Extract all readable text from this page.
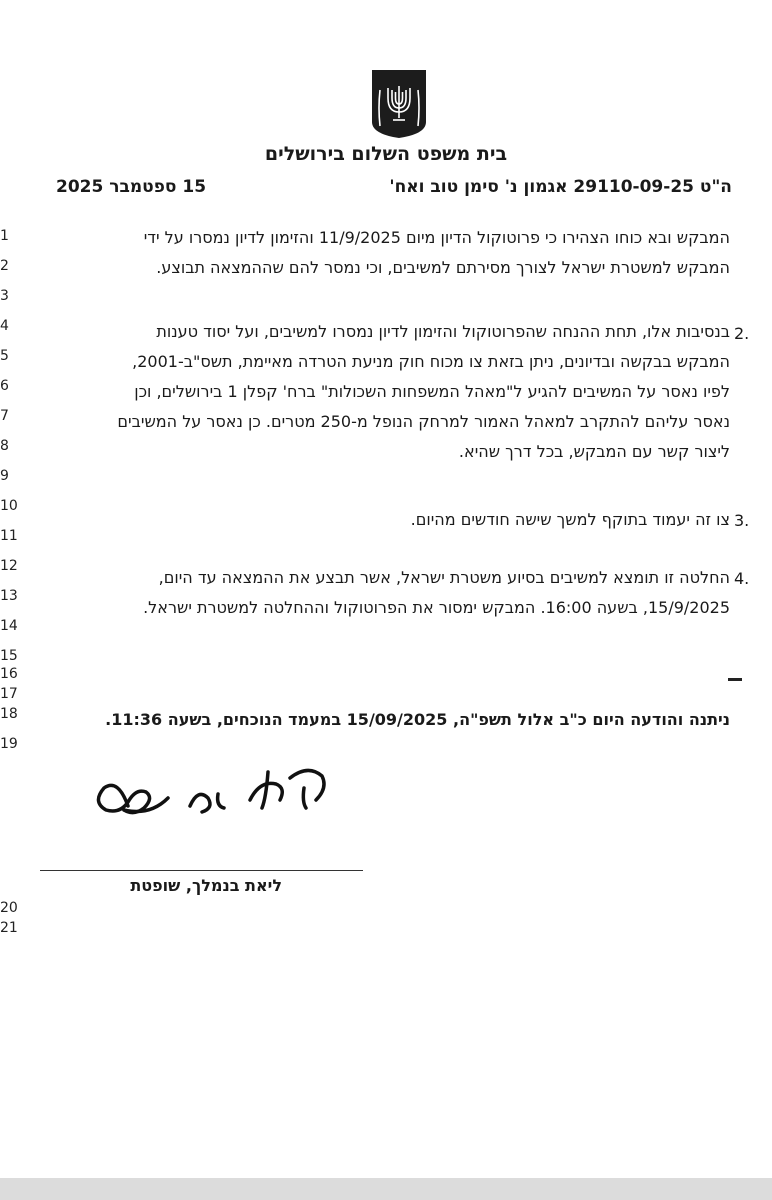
בית משפט השלום בירושלים
ה"ט 29110-09-25 אגמון נ' סימן טוב ואח'
15 ספטמבר 2025
1
2
3
4
5
6
7
8
9
10
11
12
13
14
15
16
17
18
19
20
21
המבקש ובא כוחו הצהירו כי פרוטוקול הדיון מיום 11/9/2025 והזימון לדיון נמסרו על ידי
המבקש למשטרת ישראל לצורך מסירתם למשיבים, וכי נמסר להם שההמצאה תבוצע.
2.
בנסיבות אלו, תחת ההנחה שהפרוטוקול והזימון לדיון נמסרו למשיבים, ועל יסוד טענות
המבקש בבקשה ובדיונים, ניתן בזאת צו מכוח חוק מניעת הטרדה מאיימת, תשס"ב-2001,
לפיו נאסר על המשיבים להגיע ל"מאהל המשפחות השכולות" ברח' קפלן 1 בירושלים, וכן
נאסר עליהם להתקרב למאהל האמור למרחק הנופל מ-250 מטרים. כן נאסר על המשיבים
ליצור קשר עם המבקש, בכל דרך שהיא.
3.
צו זה יעמוד בתוקף למשך שישה חודשים מהיום.
4.
החלטה זו תומצא למשיבים בסיוע משטרת ישראל, אשר תבצע את ההמצאה עד היום,
15/9/2025, בשעה 16:00. המבקש ימסור את הפרוטוקול וההחלטה למשטרת ישראל.
ניתנה והודעה היום כ"ב אלול תשפ"ה, 15/09/2025 במעמד הנוכחים, בשעה 11:36.
ליאת בנמלך, שופטת
